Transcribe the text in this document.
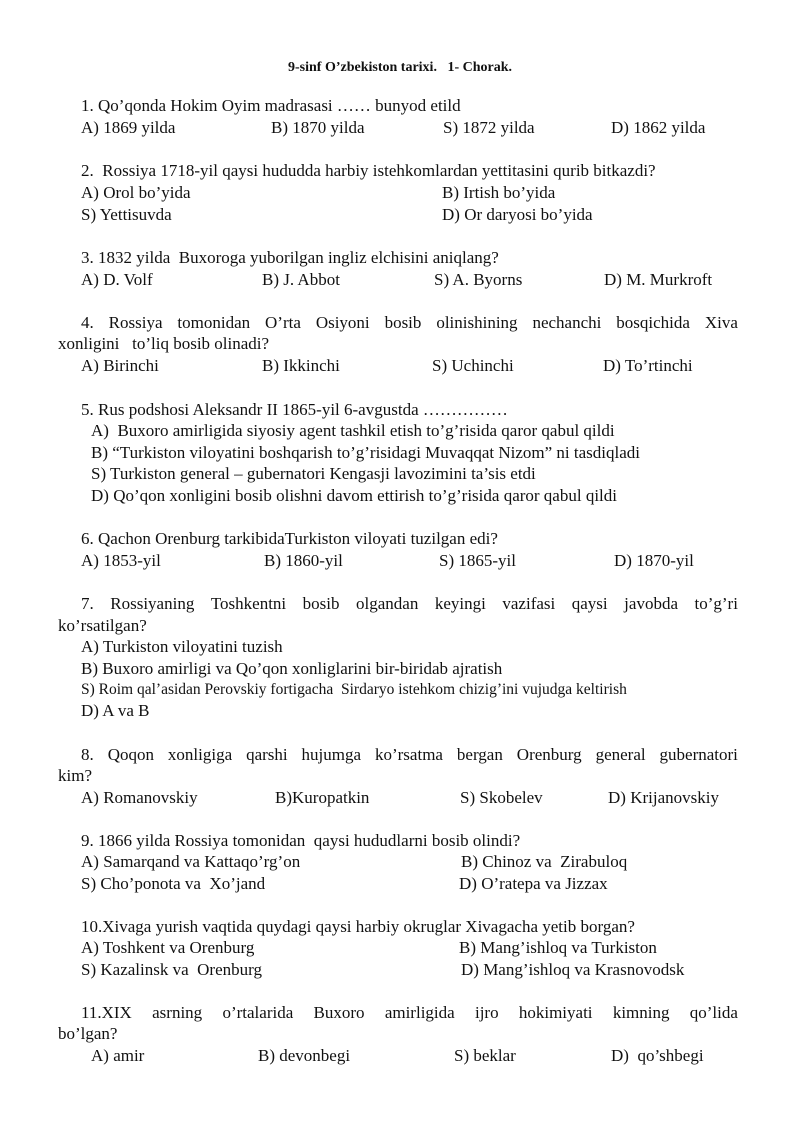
9-sinf O’zbekiston tarixi.   1- Chorak.
1. Qo’qonda Hokim Oyim madrasasi …… bunyod etild
A) 1869 yilda	B) 1870 yilda	S) 1872 yilda	D) 1862 yilda
2.  Rossiya 1718-yil qaysi hududda harbiy istehkomlardan yettitasini qurib bitkazdi?
A) Orol bo’yida	B) Irtish bo’yida
S) Yettisuvda	D) Or daryosi bo’yida
3. 1832 yilda  Buxoroga yuborilgan ingliz elchisini aniqlang?
A) D. Volf	B) J. Abbot	S) A. Byorns	D) M. Murkroft
4. Rossiya tomonidan O’rta Osiyoni bosib olinishining nechanchi bosqichida Xiva
xonligini   to’liq bosib olinadi?
A) Birinchi	B) Ikkinchi	S) Uchinchi	D) To’rtinchi
5. Rus podshosi Aleksandr II 1865-yil 6-avgustda ……………
A)  Buxoro amirligida siyosiy agent tashkil etish to’g’risida qaror qabul qildi
B) “Turkiston viloyatini boshqarish to’g’risidagi Muvaqqat Nizom” ni tasdiqladi
S) Turkiston general – gubernatori Kengasji lavozimini ta’sis etdi
D) Qo’qon xonligini bosib olishni davom ettirish to’g’risida qaror qabul qildi
6. Qachon Orenburg tarkibidaTurkiston viloyati tuzilgan edi?
A) 1853-yil	B) 1860-yil	S) 1865-yil	D) 1870-yil
7. Rossiyaning Toshkentni bosib olgandan keyingi vazifasi qaysi javobda to’g’ri
ko’rsatilgan?
A) Turkiston viloyatini tuzish
B) Buxoro amirligi va Qo’qon xonliglarini bir-biridab ajratish
S) Roim qal’asidan Perovskiy fortigacha  Sirdaryo istehkom chizig’ini vujudga keltirish
D) A va B
8. Qoqon xonligiga qarshi hujumga ko’rsatma bergan Orenburg general gubernatori
kim?
A) Romanovskiy	B)Kuropatkin	S) Skobelev	D) Krijanovskiy
9. 1866 yilda Rossiya tomonidan  qaysi hududlarni bosib olindi?
A) Samarqand va Kattaqo’rg’on	B) Chinoz va  Zirabuloq
S) Cho’ponota va  Xo’jand	D) O’ratepa va Jizzax
10.Xivaga yurish vaqtida quydagi qaysi harbiy okruglar Xivagacha yetib borgan?
A) Toshkent va Orenburg	B) Mang’ishloq va Turkiston
S) Kazalinsk va  Orenburg	D) Mang’ishloq va Krasnovodsk
11.XIX asrning o’rtalarida Buxoro amirligida ijro hokimiyati kimning qo’lida
bo’lgan?
A) amir	B) devonbegi	S) beklar	D)  qo’shbegi
